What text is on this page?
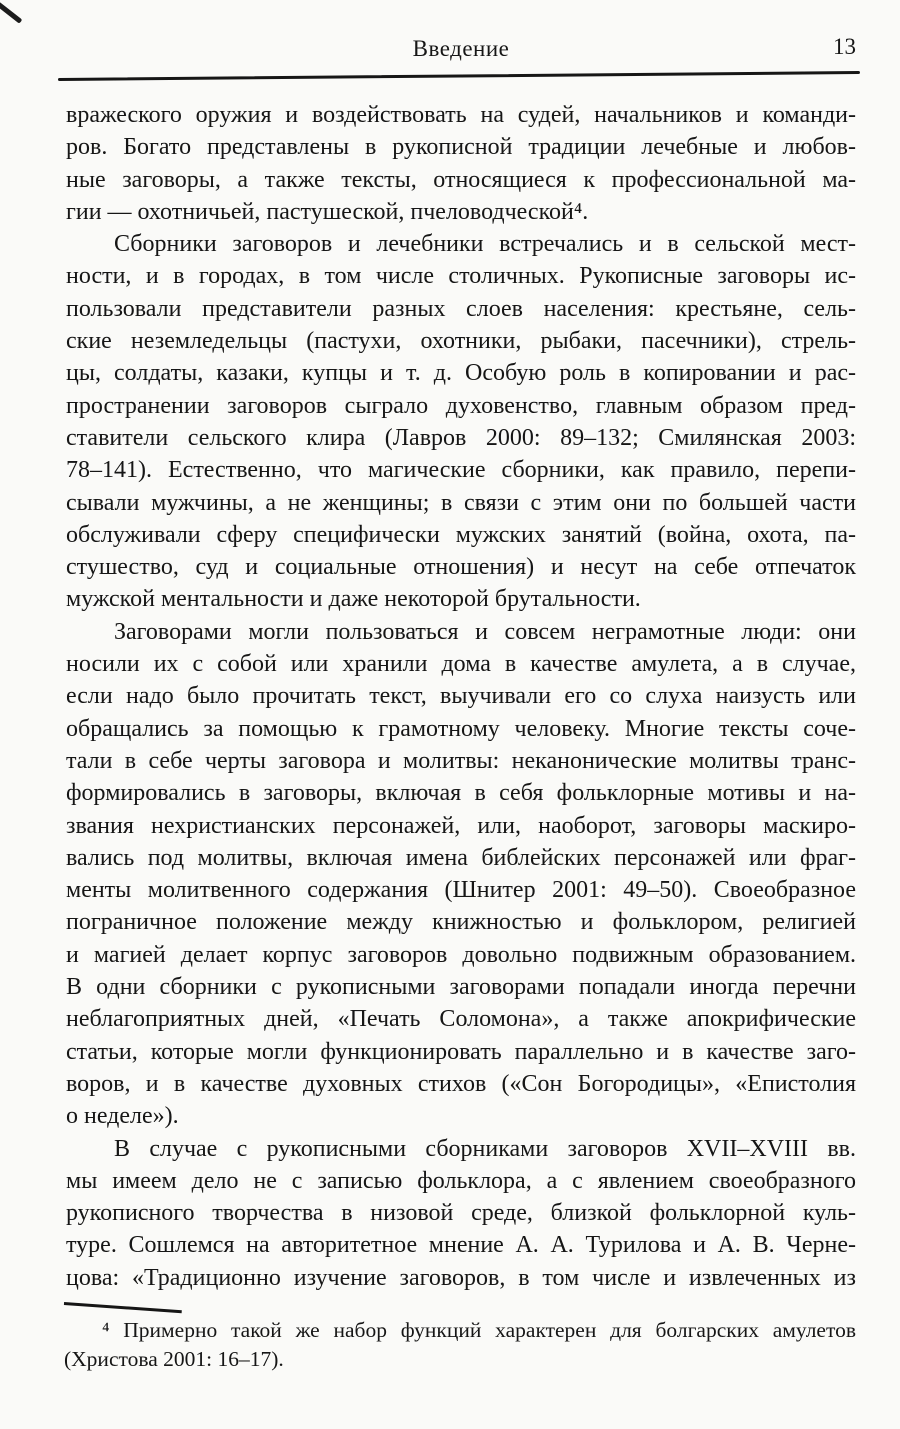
Введение	13
вражеского оружия и воздействовать на судей, начальников и команди-
ров. Богато представлены в рукописной традиции лечебные и любов-
ные заговоры, а также тексты, относящиеся к профессиональной ма-
гии — охотничьей, пастушеской, пчеловодческой⁴.
Сборники заговоров и лечебники встречались и в сельской мест-
ности, и в городах, в том числе столичных. Рукописные заговоры ис-
пользовали представители разных слоев населения: крестьяне, сель-
ские неземледельцы (пастухи, охотники, рыбаки, пасечники), стрель-
цы, солдаты, казаки, купцы и т. д. Особую роль в копировании и рас-
пространении заговоров сыграло духовенство, главным образом пред-
ставители сельского клира (Лавров 2000: 89–132; Смилянская 2003:
78–141). Естественно, что магические сборники, как правило, перепи-
сывали мужчины, а не женщины; в связи с этим они по большей части
обслуживали сферу специфически мужских занятий (война, охота, па-
стушество, суд и социальные отношения) и несут на себе отпечаток
мужской ментальности и даже некоторой брутальности.
Заговорами могли пользоваться и совсем неграмотные люди: они
носили их с собой или хранили дома в качестве амулета, а в случае,
если надо было прочитать текст, выучивали его со слуха наизусть или
обращались за помощью к грамотному человеку. Многие тексты соче-
тали в себе черты заговора и молитвы: неканонические молитвы транс-
формировались в заговоры, включая в себя фольклорные мотивы и на-
звания нехристианских персонажей, или, наоборот, заговоры маскиро-
вались под молитвы, включая имена библейских персонажей или фраг-
менты молитвенного содержания (Шнитер 2001: 49–50). Своеобразное
пограничное положение между книжностью и фольклором, религией
и магией делает корпус заговоров довольно подвижным образованием.
В одни сборники с рукописными заговорами попадали иногда перечни
неблагоприятных дней, «Печать Соломона», а также апокрифические
статьи, которые могли функционировать параллельно и в качестве заго-
воров, и в качестве духовных стихов («Сон Богородицы», «Епистолия
о неделе»).
В случае с рукописными сборниками заговоров XVII–XVIII вв.
мы имеем дело не с записью фольклора, а с явлением своеобразного
рукописного творчества в низовой среде, близкой фольклорной куль-
туре. Сошлемся на авторитетное мнение А. А. Турилова и А. В. Черне-
цова: «Традиционно изучение заговоров, в том числе и извлеченных из
⁴ Примерно такой же набор функций характерен для болгарских амулетов
(Христова 2001: 16–17).
